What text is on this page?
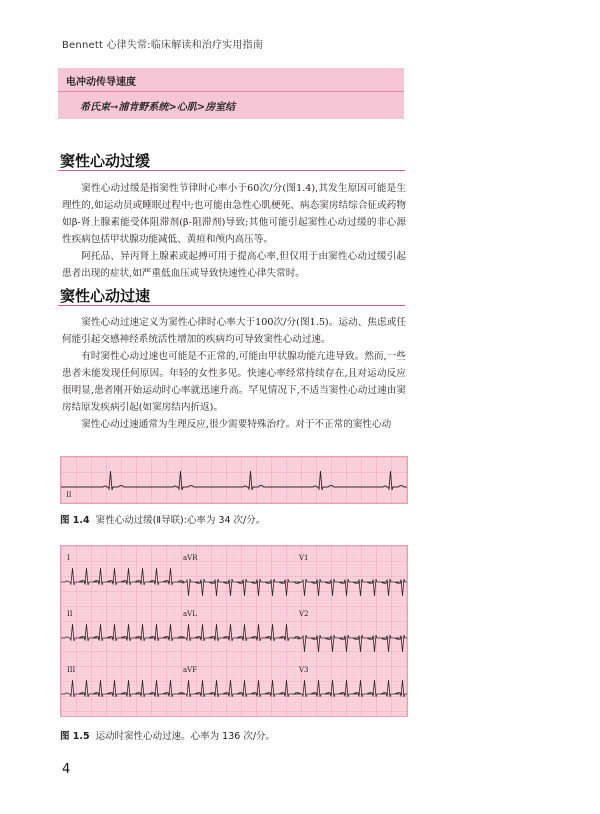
Bennett 心律失常:临床解读和治疗实用指南
电冲动传导速度
希氏束→浦肯野系统>心肌>房室结
窦性心动过缓

窦性心动过缓是指窦性节律时心率小于60次/分(图1.4),其发生原因可能是生理性的,如运动员或睡眠过程中;也可能由急性心肌梗死、病态窦房结综合征或药物如β-肾上腺素能受体阻滞剂(β-阻滞剂)导致;其他可能引起窦性心动过缓的非心源性疾病包括甲状腺功能减低、黄疸和颅内高压等。

阿托品、异丙肾上腺素或起搏可用于提高心率,但仅用于由窦性心动过缓引起患者出现的症状,如严重低血压或导致快速性心律失常时。

窦性心动过速

窦性心动过速定义为窦性心律时心率大于100次/分(图1.5)。运动、焦虑或任何能引起交感神经系统活性增加的疾病均可导致窦性心动过速。

有时窦性心动过速也可能是不正常的,可能由甲状腺功能亢进导致。然而,一些患者未能发现任何原因。年轻的女性多见。快速心率经常持续存在,且对运动反应很明显,患者刚开始运动时心率就迅速升高。罕见情况下,不适当窦性心动过速由窦房结原发疾病引起(如窦房结内折返)。

窦性心动过速通常为生理反应,很少需要特殊治疗。对于不正常的窦性心动

II
图 1.4 窦性心动过缓(Ⅱ导联):心率为 34 次/分。
I	aVR	V1
II	aVL	V2
III	aVF	V3
图 1.5 运动时窦性心动过速。心率为 136 次/分。
4
